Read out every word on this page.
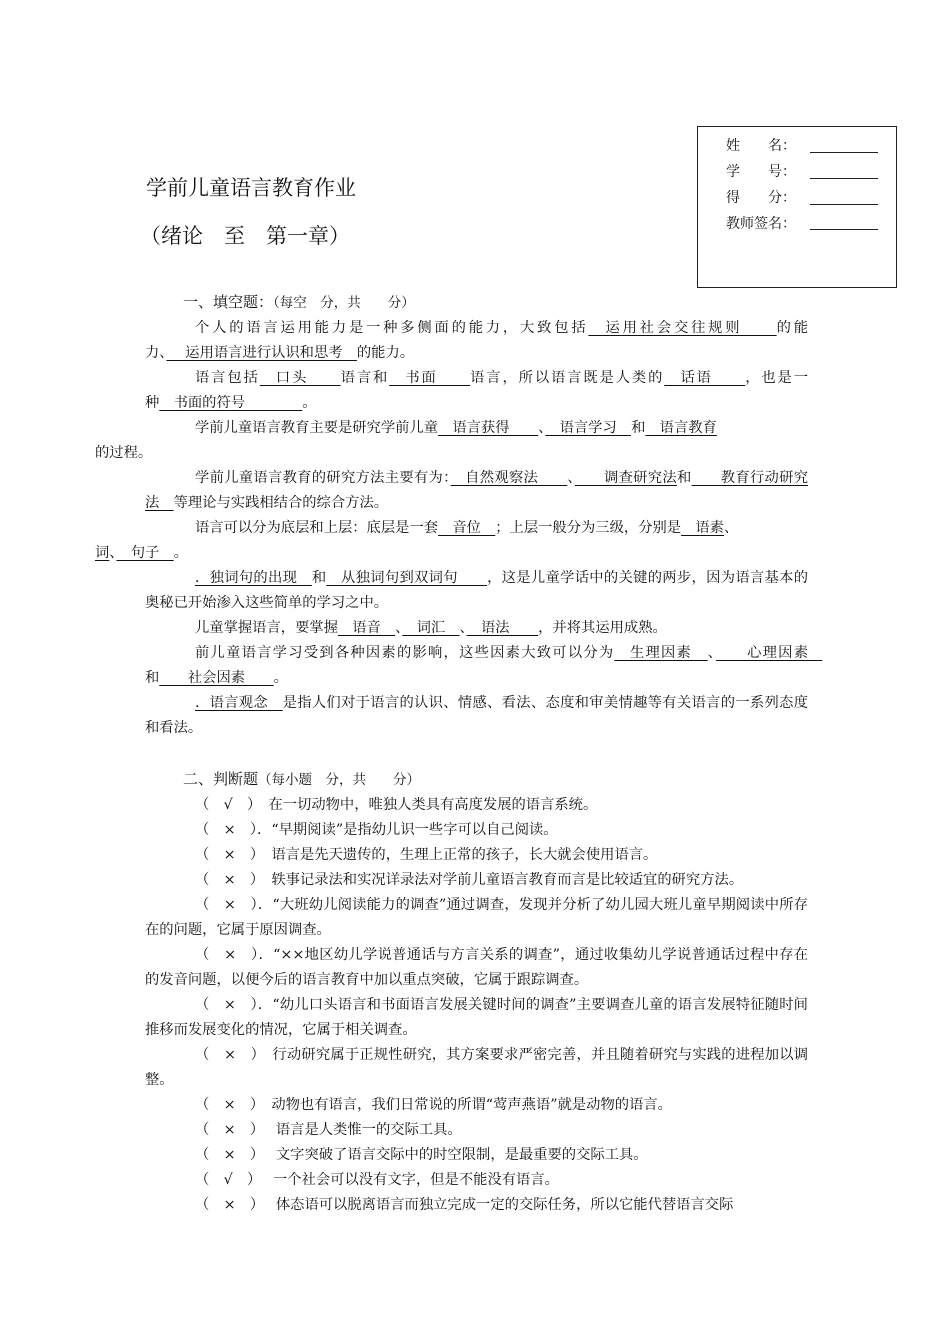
姓　　名：
学　　号：
得　　分：
教师签名：
学前儿童语言教育作业
（绪论　至　第一章）

一、填空题：（每空　分，共　　分）

个人的语言运用能力是一种多侧面的能力，大致包括　运用社会交往规则　　的能力、　 运用语言进行认识和思考　的能力。

语言包括　口头　　语言和　书面　　语言，所以语言既是人类的　话语　　，也是一种　书面的符号　　　　。

学前儿童语言教育主要是研究学前儿童　语言获得　　、　语言学习　和　语言教育
的过程。

学前儿童语言教育的研究方法主要有为：　自然观察法　　、　　调查研究法和　　教育行动研究法　等理论与实践相结合的综合方法。

语言可以分为底层和上层：底层是一套　音位　；上层一般分为三级，分别是　语素、
词、　句子　。

．独词句的出现　和　从独词句到双词句　　，这是儿童学话中的关键的两步，因为语言基本的奥秘已开始渗入这些简单的学习之中。

儿童掌握语言，要掌握　语音　、　词汇　、　语法　　，并将其运用成熟。

前儿童语言学习受到各种因素的影响，这些因素大致可以分为　生理因素　、　　心理因素　和　　社会因素　　。

．语言观念　是指人们对于语言的认识、情感、看法、态度和审美情趣等有关语言的一系列态度和看法。

二、判断题（每小题　分，共　　分）

（　√　）　在一切动物中，唯独人类具有高度发展的语言系统。

（　×　）．“早期阅读”是指幼儿识一些字可以自己阅读。

（　×　）　语言是先天遗传的，生理上正常的孩子，长大就会使用语言。

（　×　）　轶事记录法和实况详录法对学前儿童语言教育而言是比较适宜的研究方法。

（　×　）．“大班幼儿阅读能力的调查”通过调查，发现并分析了幼儿园大班儿童早期阅读中所存在的问题，它属于原因调查。

（　×　）．“××地区幼儿学说普通话与方言关系的调查”，通过收集幼儿学说普通话过程中存在的发音问题，以便今后的语言教育中加以重点突破，它属于跟踪调查。

（　×　）．“幼儿口头语言和书面语言发展关键时间的调查”主要调查儿童的语言发展特征随时间推移而发展变化的情况，它属于相关调查。

（　×　）　行动研究属于正规性研究，其方案要求严密完善，并且随着研究与实践的进程加以调整。

（　×　）　动物也有语言，我们日常说的所谓“莺声燕语”就是动物的语言。

（　×　）　 语言是人类惟一的交际工具。

（　×　）　 文字突破了语言交际中的时空限制，是最重要的交际工具。

（　√　）　 一个社会可以没有文字，但是不能没有语言。

（　×　）　 体态语可以脱离语言而独立完成一定的交际任务，所以它能代替语言交际
